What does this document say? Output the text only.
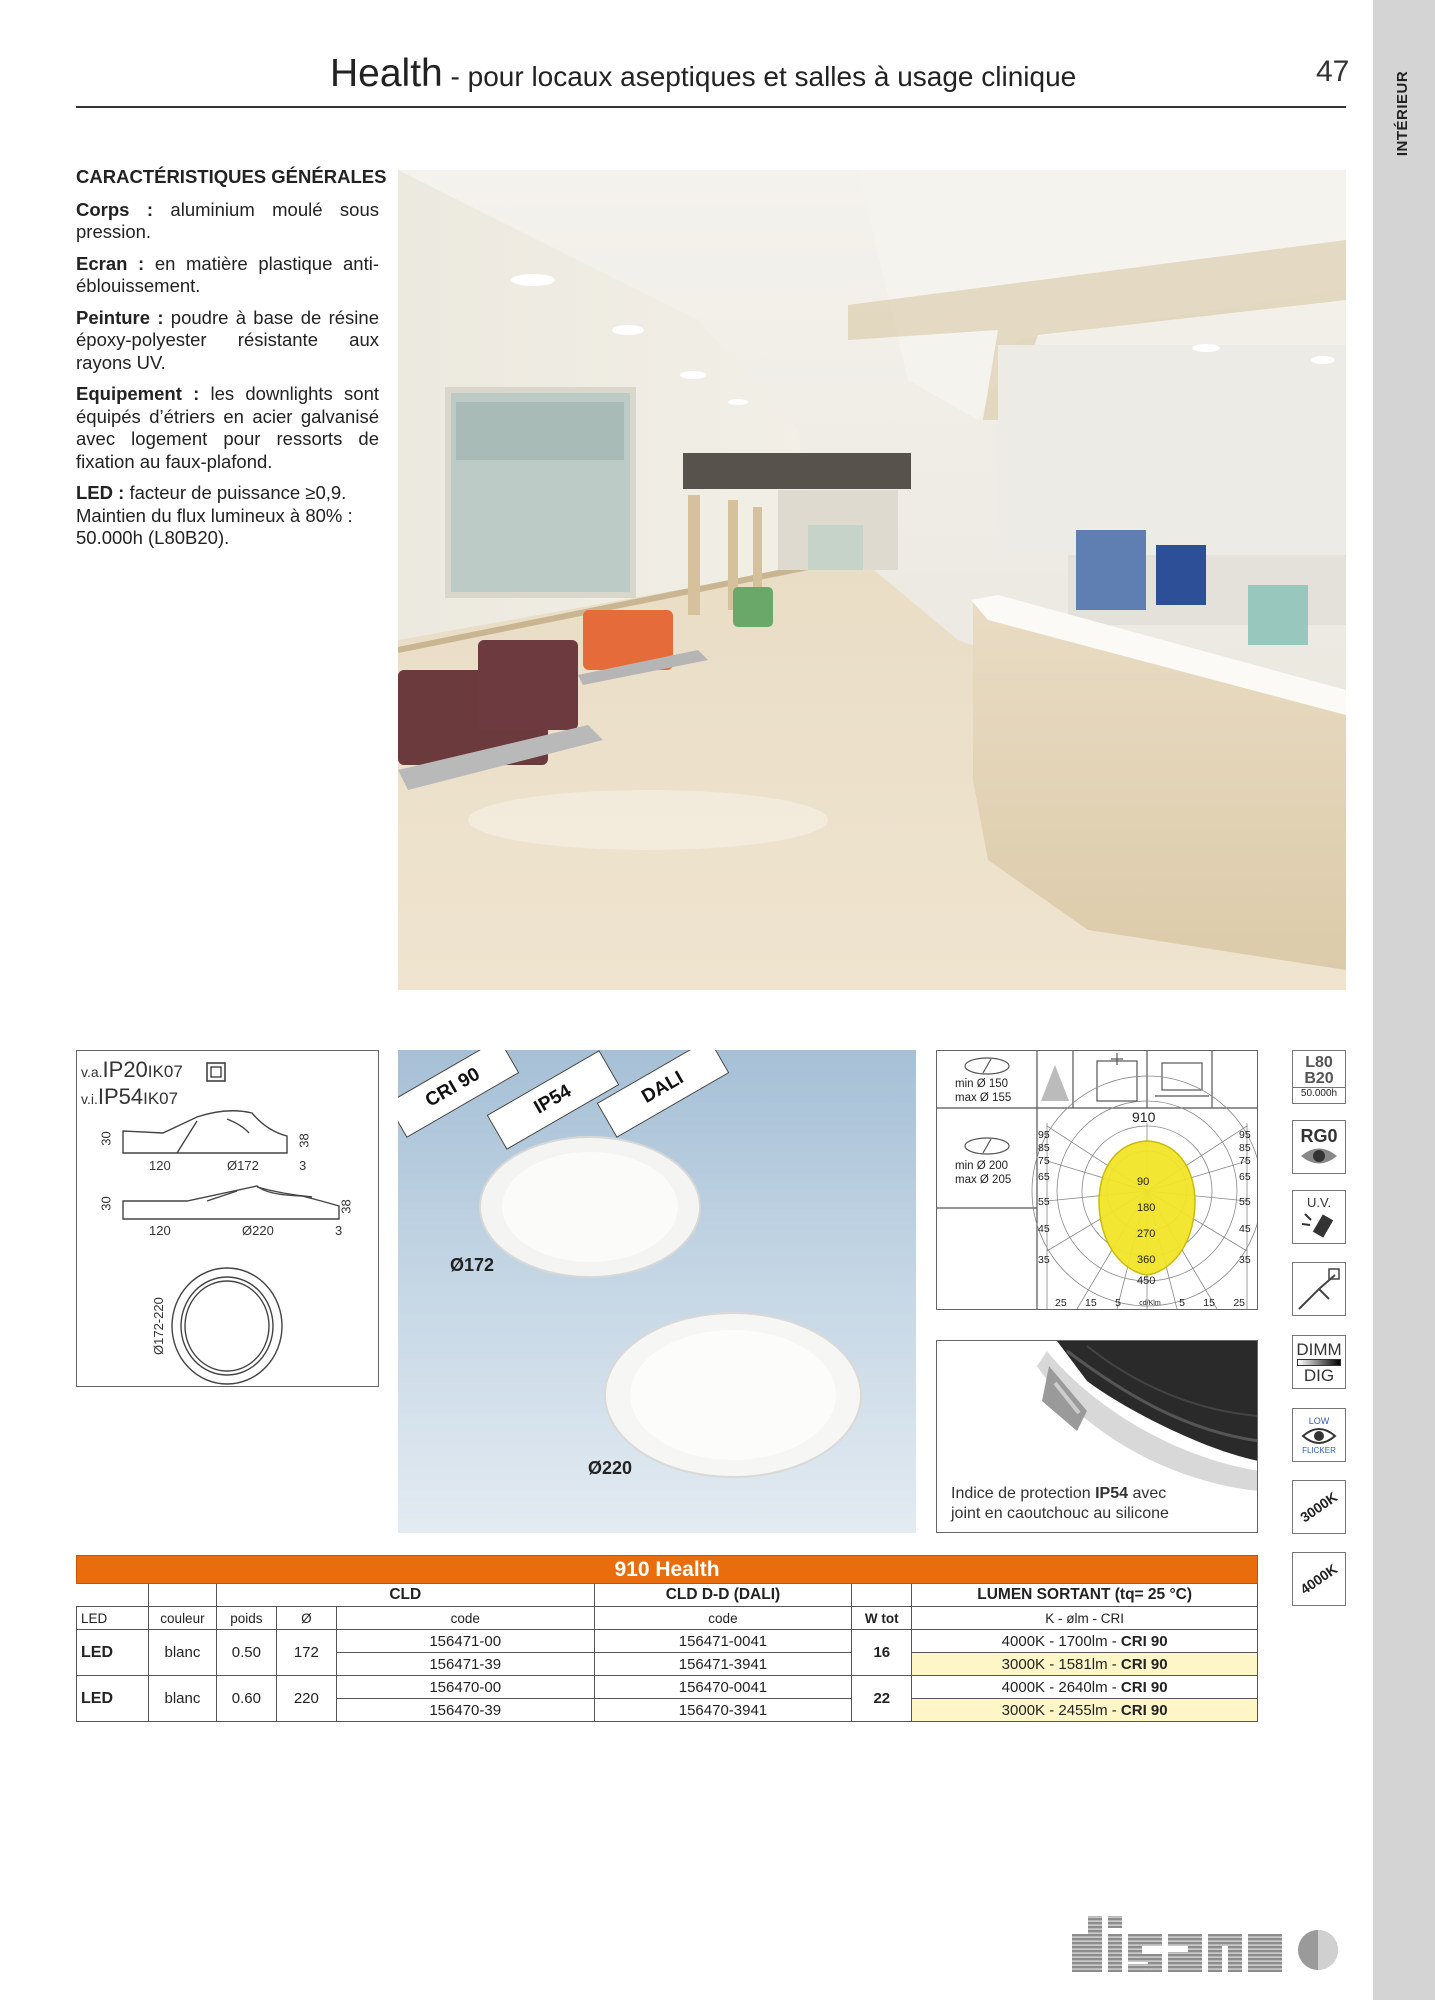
INTÉRIEUR
Health - pour locaux aseptiques et salles à usage clinique	47
CARACTÉRISTIQUES GÉNÉRALES

Corps : aluminium moulé sous pression.

Ecran : en matière plastique anti-éblouissement.

Peinture : poudre à base de résine époxy-polyester résistante aux rayons UV.

Equipement : les downlights sont équipés d’étriers en acier galvanisé avec logement pour ressorts de fixation au faux-plafond.

LED : facteur de puissance ≥0,9. Maintien du flux lumineux à 80% : 50.000h (L80B20).

v.a.IP20IK07
v.i.IP54IK07
30
120	Ø172	3
38
30
120	Ø220	3
38
Ø172-220
CRI 90	IP54	DALI
Ø172
Ø220
min Ø 150
max Ø 155
min Ø 200
max Ø 205
910
95
85
75
65
55
45
35
95
85
75
65
55
45
35
90
180
270
360
450
25 15 5	cd/Klm 5 15 25
Indice de protection IP54 avec
joint en caoutchouc au silicone
L80
B20
50.000h
RG0
U.V.
DIMM
DIG
LOW
FLICKER
3000K
4000K
910 Health							
		CLD			CLD D-D (DALI)		LUMEN SORTANT (tq= 25 °C)
LED	couleur	poids	Ø	code	code	W tot	K - ølm - CRI
LED	blanc	0.50	172	156471-00	156471-0041	16	4000K - 1700lm - CRI 90
				156471-39	156471-3941		3000K - 1581lm - CRI 90
LED	blanc	0.60	220	156470-00	156470-0041	22	4000K - 2640lm - CRI 90
				156470-39	156470-3941		3000K - 2455lm - CRI 90
